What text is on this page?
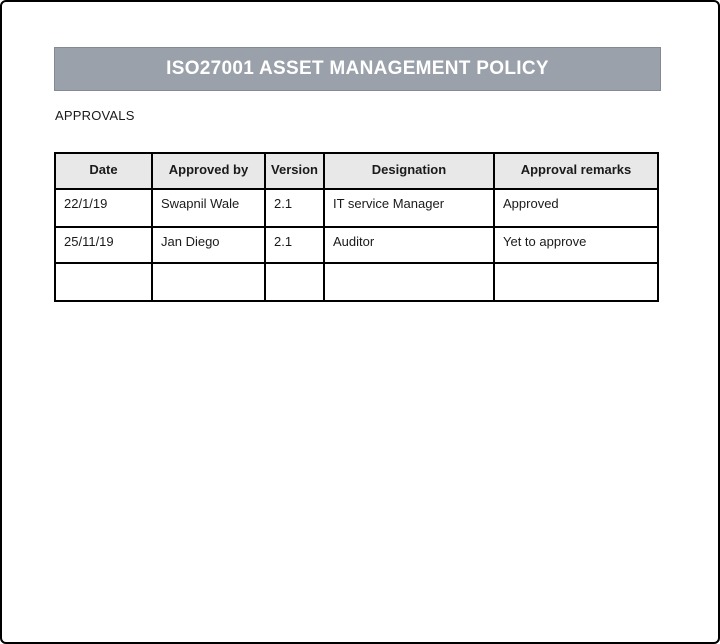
ISO27001 ASSET MANAGEMENT POLICY
APPROVALS
Date	Approved by	Version	Designation	Approval remarks
22/1/19	Swapnil Wale	2.1	IT service Manager	Approved
25/11/19	Jan Diego	2.1	Auditor	Yet to approve
